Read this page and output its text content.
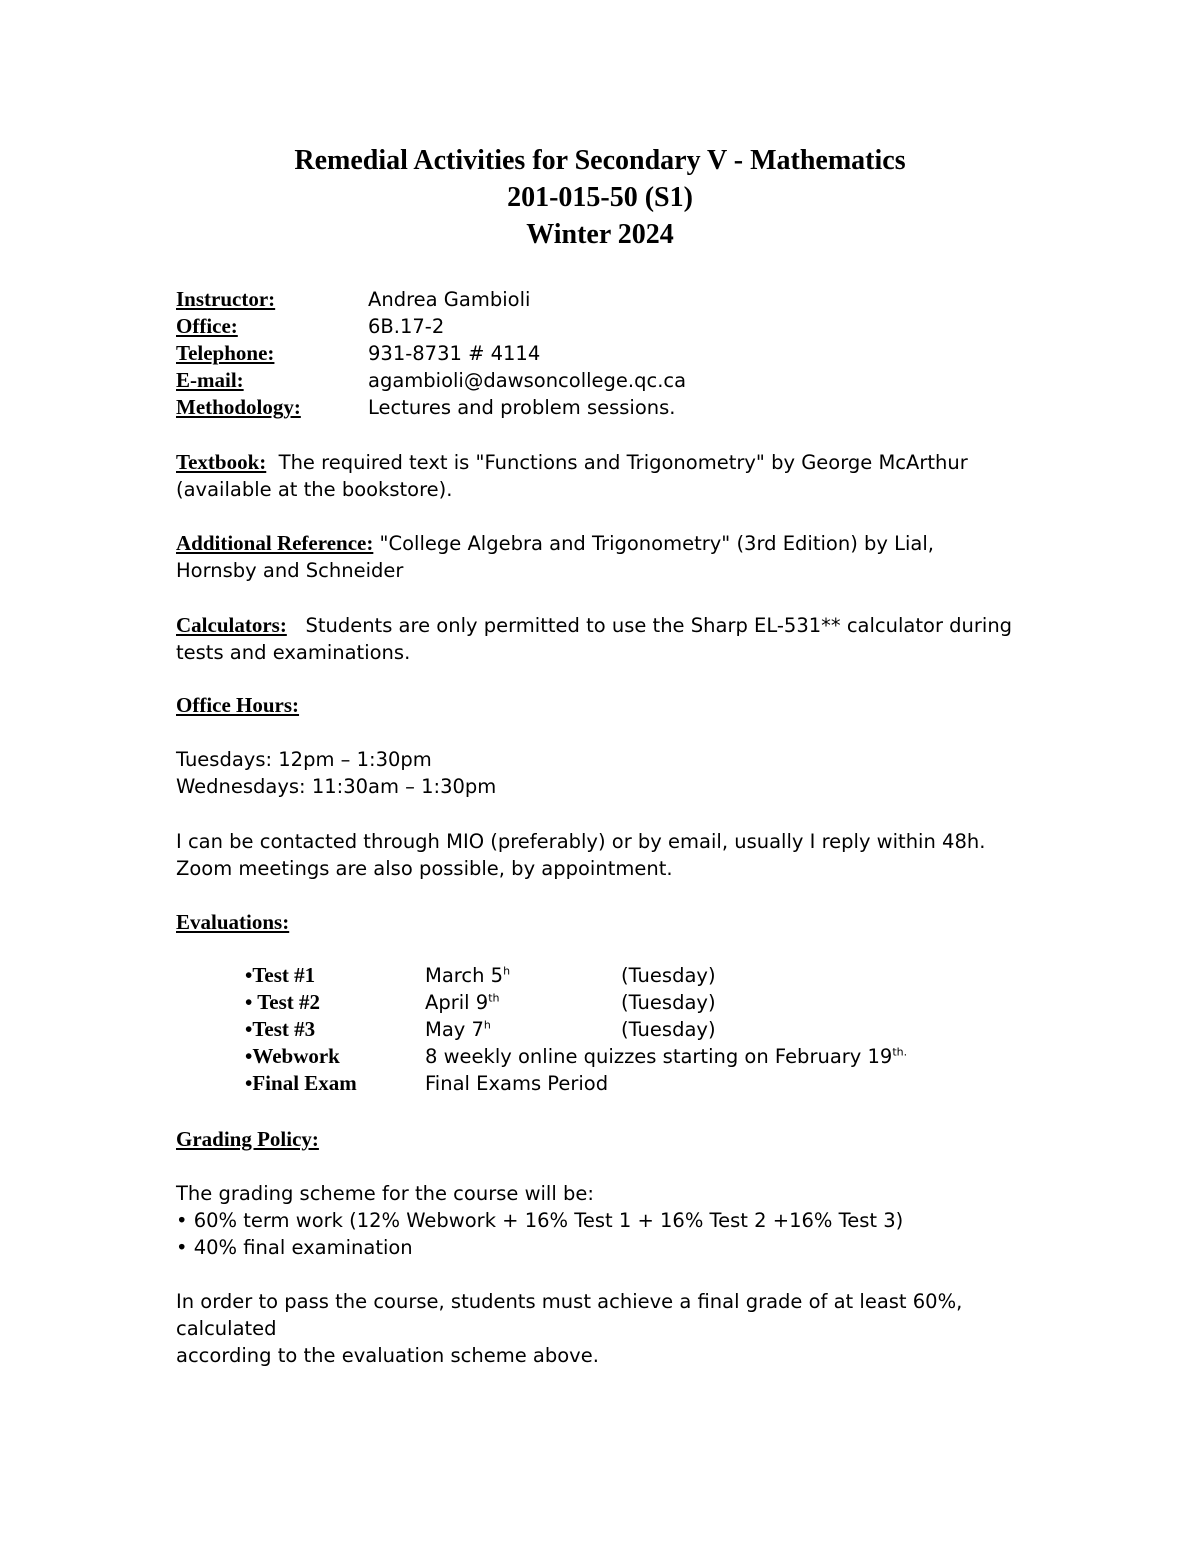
Remedial Activities for Secondary V - Mathematics
201-015-50 (S1)
Winter 2024
Instructor:	Andrea Gambioli
Office:	6B.17-2
Telephone:	931-8731 # 4114
E-mail:	agambioli@dawsoncollege.qc.ca
Methodology:	Lectures and problem sessions.
Textbook: The required text is "Functions and Trigonometry" by George McArthur
(available at the bookstore).
Additional Reference: "College Algebra and Trigonometry" (3rd Edition) by Lial,
Hornsby and Schneider
Calculators: Students are only permitted to use the Sharp EL-531** calculator during
tests and examinations.
Office Hours:
Tuesdays: 12pm – 1:30pm
Wednesdays: 11:30am – 1:30pm
I can be contacted through MIO (preferably) or by email, usually I reply within 48h.
Zoom meetings are also possible, by appointment.
Evaluations:
•Test #1	March 5$^h$	(Tuesday)
• Test #2	April 9th	(Tuesday)
•Test #3	May 7$^h$	(Tuesday)
•Webwork	8 weekly online quizzes starting on February $19^{th.}$
•Final Exam	Final Exams Period
Grading Policy:
The grading scheme for the course will be:
• 60% term work (12% Webwork + 16% Test 1 + 16% Test 2 +16% Test 3)
• 40% final examination
In order to pass the course, students must achieve a final grade of at least 60%, calculated
according to the evaluation scheme above.
